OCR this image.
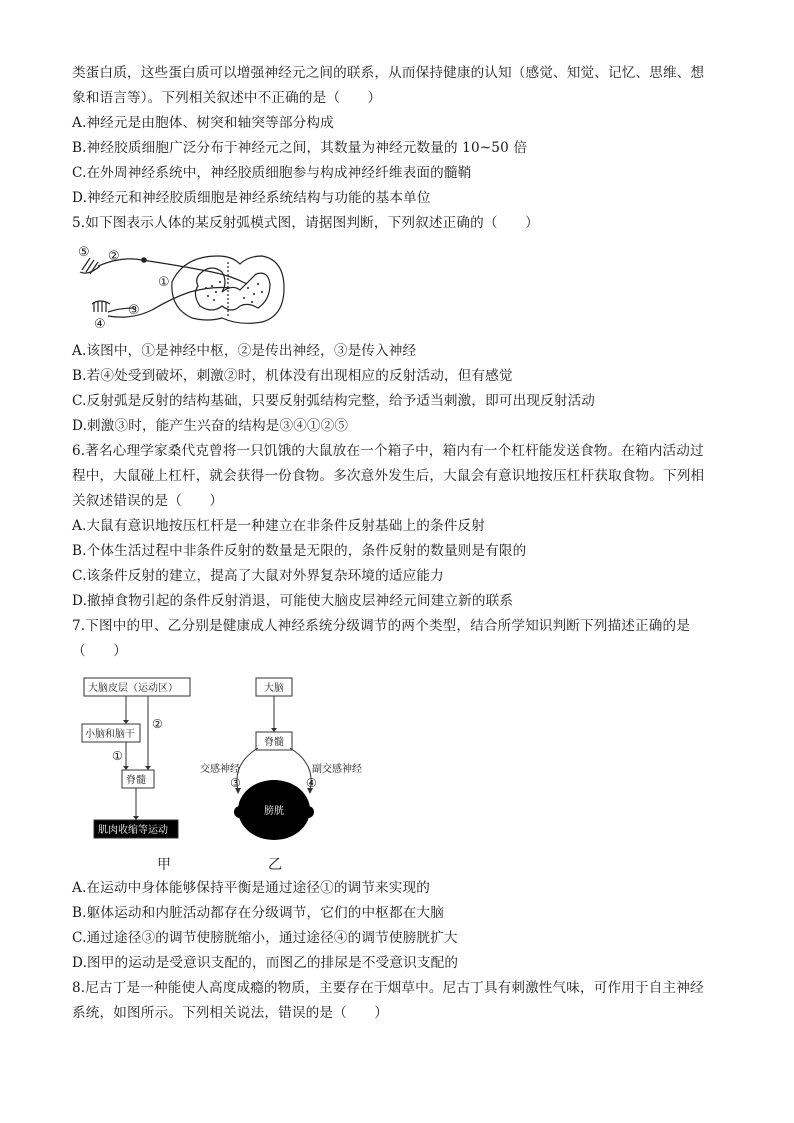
类蛋白质，这些蛋白质可以增强神经元之间的联系，从而保持健康的认知（感觉、知觉、记忆、思维、想
象和语言等）。下列相关叙述中不正确的是（　　）
A.神经元是由胞体、树突和轴突等部分构成
B.神经胶质细胞广泛分布于神经元之间，其数量为神经元数量的 10~50 倍
C.在外周神经系统中，神经胶质细胞参与构成神经纤维表面的髓鞘
D.神经元和神经胶质细胞是神经系统结构与功能的基本单位
5.如下图表示人体的某反射弧模式图，请据图判断，下列叙述正确的（　　）
⑤ ②
①
③
④
A.该图中，①是神经中枢，②是传出神经，③是传入神经
B.若④处受到破坏，刺激②时，机体没有出现相应的反射活动，但有感觉
C.反射弧是反射的结构基础，只要反射弧结构完整，给予适当刺激，即可出现反射活动
D.刺激③时，能产生兴奋的结构是③④①②⑤
6.著名心理学家桑代克曾将一只饥饿的大鼠放在一个箱子中，箱内有一个杠杆能发送食物。在箱内活动过
程中，大鼠碰上杠杆，就会获得一份食物。多次意外发生后，大鼠会有意识地按压杠杆获取食物。下列相
关叙述错误的是（　　）
A.大鼠有意识地按压杠杆是一种建立在非条件反射基础上的条件反射
B.个体生活过程中非条件反射的数量是无限的，条件反射的数量则是有限的
C.该条件反射的建立，提高了大鼠对外界复杂环境的适应能力
D.撤掉食物引起的条件反射消退，可能使大脑皮层神经元间建立新的联系
7.下图中的甲、乙分别是健康成人神经系统分级调节的两个类型，结合所学知识判断下列描述正确的是
（　　）
大脑皮层（运动区）
小脑和脑干
脊髓
肌肉收缩等运动
②
①
大脑
脊髓
交感神经	副交感神经
③	④
膀胱
甲	乙
A.在运动中身体能够保持平衡是通过途径①的调节来实现的
B.躯体运动和内脏活动都存在分级调节，它们的中枢都在大脑
C.通过途径③的调节使膀胱缩小，通过途径④的调节使膀胱扩大
D.图甲的运动是受意识支配的，而图乙的排尿是不受意识支配的
8.尼古丁是一种能使人高度成瘾的物质，主要存在于烟草中。尼古丁具有刺激性气味，可作用于自主神经
系统，如图所示。下列相关说法，错误的是（　　）
